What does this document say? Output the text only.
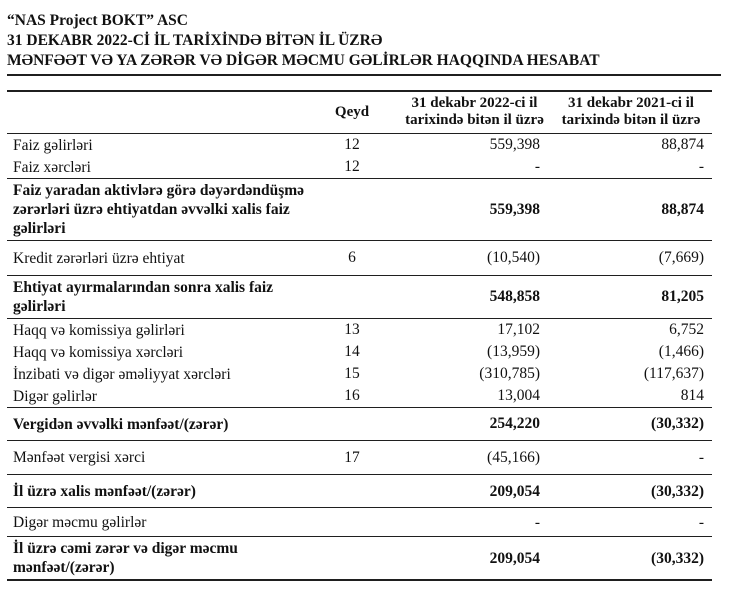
“NAS Project BOKT” ASC
31 DEKABR 2022-Cİ İL TARİXİNDƏ BİTƏN İL ÜZRƏ
MƏNFƏƏT VƏ YA ZƏRƏR VƏ DİGƏR MƏCMU GƏLİRLƏR HAQQINDA HESABAT
	Qeyd	31 dekabr 2022-ci il tarixində bitən il üzrə	31 dekabr 2021-ci il tarixində bitən il üzrə
Faiz gəlirləri	12	559,398	88,874
Faiz xərcləri	12	-	-
Faiz yaradan aktivlərə görə dəyərdəndüşmə zərərləri üzrə ehtiyatdan əvvəlki xalis faiz gəlirləri		559,398	88,874
Kredit zərərləri üzrə ehtiyat	6	(10,540)	(7,669)
Ehtiyat ayırmalarından sonra xalis faiz gəlirləri		548,858	81,205
Haqq və komissiya gəlirləri	13	17,102	6,752
Haqq və komissiya xərcləri	14	(13,959)	(1,466)
İnzibati və digər əməliyyat xərcləri	15	(310,785)	(117,637)
Digər gəlirlər	16	13,004	814
Vergidən əvvəlki mənfəət/(zərər)		254,220	(30,332)
Mənfəət vergisi xərci	17	(45,166)	-
İl üzrə xalis mənfəət/(zərər)		209,054	(30,332)
Digər məcmu gəlirlər		-	-
İl üzrə cəmi zərər və digər məcmu mənfəət/(zərər)		209,054	(30,332)
